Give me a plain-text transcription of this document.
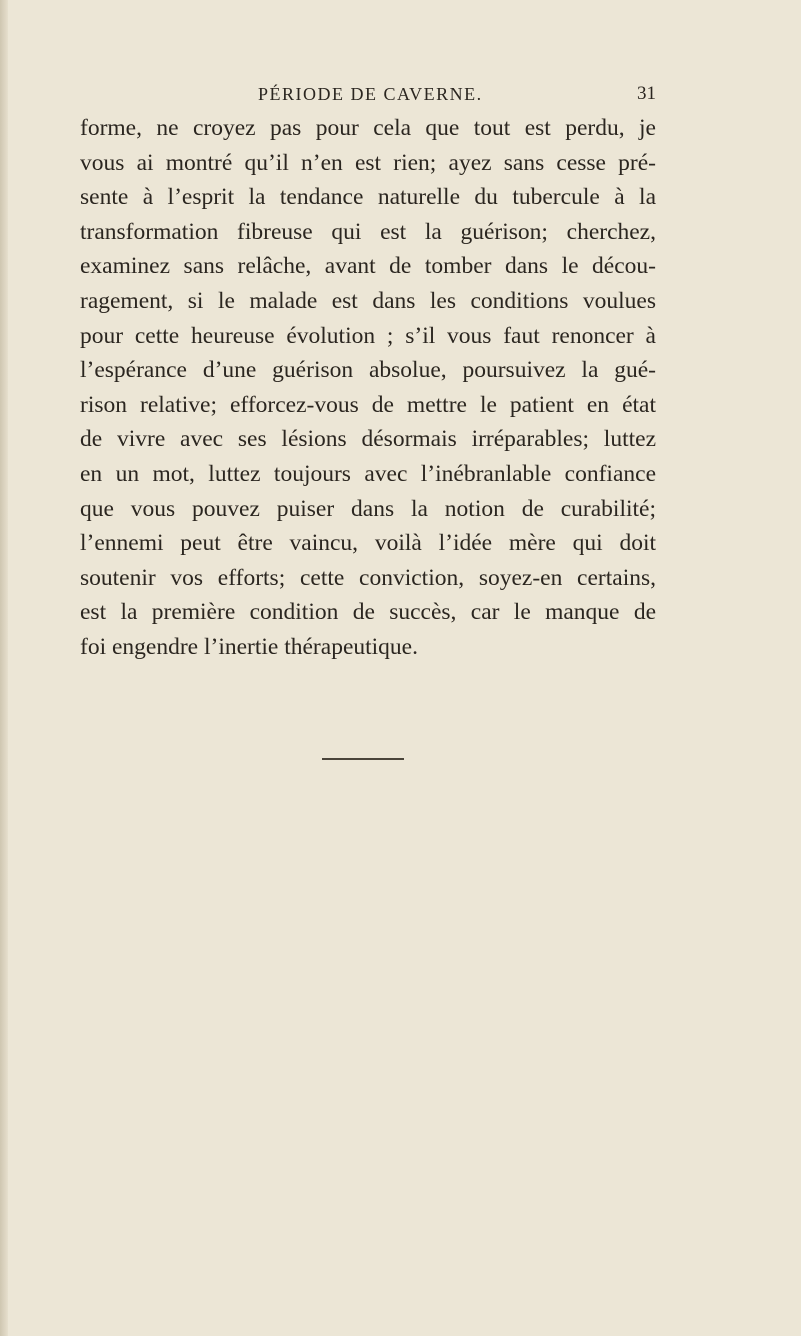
PÉRIODE DE CAVERNE.	31
forme, ne croyez pas pour cela que tout est perdu, je
vous ai montré qu’il n’en est rien; ayez sans cesse pré-
sente à l’esprit la tendance naturelle du tubercule à la
transformation fibreuse qui est la guérison; cherchez,
examinez sans relâche, avant de tomber dans le décou-
ragement, si le malade est dans les conditions voulues
pour cette heureuse évolution ; s’il vous faut renoncer à
l’espérance d’une guérison absolue, poursuivez la gué-
rison relative; efforcez-vous de mettre le patient en état
de vivre avec ses lésions désormais irréparables; luttez
en un mot, luttez toujours avec l’inébranlable confiance
que vous pouvez puiser dans la notion de curabilité;
l’ennemi peut être vaincu, voilà l’idée mère qui doit
soutenir vos efforts; cette conviction, soyez-en certains,
est la première condition de succès, car le manque de
foi engendre l’inertie thérapeutique.
